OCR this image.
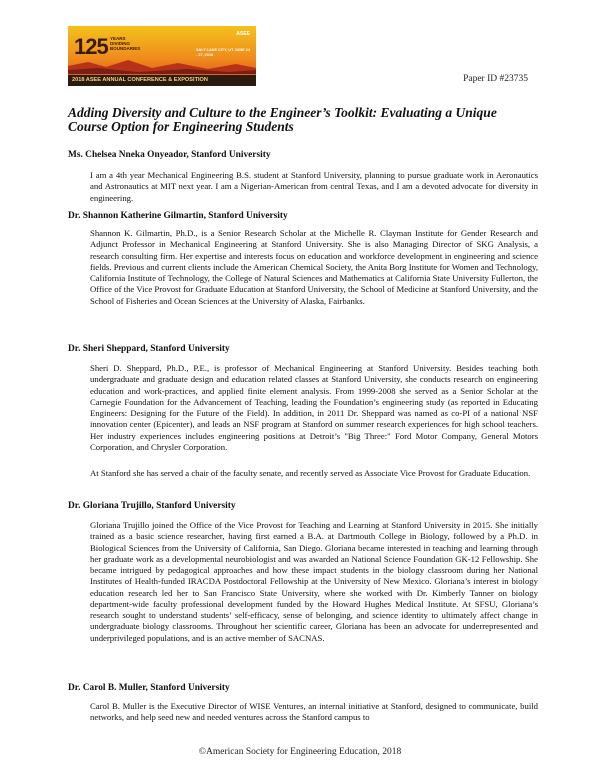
125 YEARS DIVIDING BOUNDARIES	SALT LAKE CITY, UT JUNE 24 - 27, 2018
ASEE
2018 ASEE ANNUAL CONFERENCE & EXPOSITION	Paper ID #23735
Adding Diversity and Culture to the Engineer’s Toolkit: Evaluating a Unique Course Option for Engineering Students
Ms. Chelsea Nneka Onyeador, Stanford University

I am a 4th year Mechanical Engineering B.S. student at Stanford University, planning to pursue graduate work in Aeronautics and Astronautics at MIT next year. I am a Nigerian-American from central Texas, and I am a devoted advocate for diversity in engineering.

Dr. Shannon Katherine Gilmartin, Stanford University

Shannon K. Gilmartin, Ph.D., is a Senior Research Scholar at the Michelle R. Clayman Institute for Gender Research and Adjunct Professor in Mechanical Engineering at Stanford University. She is also Managing Director of SKG Analysis, a research consulting firm. Her expertise and interests focus on education and workforce development in engineering and science fields. Previous and current clients include the American Chemical Society, the Anita Borg Institute for Women and Technology, California Institute of Technology, the College of Natural Sciences and Mathematics at California State University Fullerton, the Office of the Vice Provost for Graduate Education at Stanford University, the School of Medicine at Stanford University, and the School of Fisheries and Ocean Sciences at the University of Alaska, Fairbanks.

Dr. Sheri Sheppard, Stanford University

Sheri D. Sheppard, Ph.D., P.E., is professor of Mechanical Engineering at Stanford University. Besides teaching both undergraduate and graduate design and education related classes at Stanford University, she conducts research on engineering education and work-practices, and applied finite element analysis. From 1999-2008 she served as a Senior Scholar at the Carnegie Foundation for the Advancement of Teaching, leading the Foundation’s engineering study (as reported in Educating Engineers: Designing for the Future of the Field). In addition, in 2011 Dr. Sheppard was named as co-PI of a national NSF innovation center (Epicenter), and leads an NSF program at Stanford on summer research experiences for high school teachers. Her industry experiences includes engineering positions at Detroit’s "Big Three:" Ford Motor Company, General Motors Corporation, and Chrysler Corporation.

At Stanford she has served a chair of the faculty senate, and recently served as Associate Vice Provost for Graduate Education.

Dr. Gloriana Trujillo, Stanford University

Gloriana Trujillo joined the Office of the Vice Provost for Teaching and Learning at Stanford University in 2015. She initially trained as a basic science researcher, having first earned a B.A. at Dartmouth College in Biology, followed by a Ph.D. in Biological Sciences from the University of California, San Diego. Gloriana became interested in teaching and learning through her graduate work as a developmental neurobiologist and was awarded an National Science Foundation GK-12 Fellowship. She became intrigued by pedagogical approaches and how these impact students in the biology classroom during her National Institutes of Health-funded IRACDA Postdoctoral Fellowship at the University of New Mexico. Gloriana’s interest in biology education research led her to San Francisco State University, where she worked with Dr. Kimberly Tanner on biology department-wide faculty professional development funded by the Howard Hughes Medical Institute. At SFSU, Gloriana’s research sought to understand students’ self-efficacy, sense of belonging, and science identity to ultimately affect change in undergraduate biology classrooms. Throughout her scientific career, Gloriana has been an advocate for underrepresented and underprivileged populations, and is an active member of SACNAS.

Dr. Carol B. Muller, Stanford University

Carol B. Muller is the Executive Director of WISE Ventures, an internal initiative at Stanford, designed to communicate, build networks, and help seed new and needed ventures across the Stanford campus to

©American Society for Engineering Education, 2018
